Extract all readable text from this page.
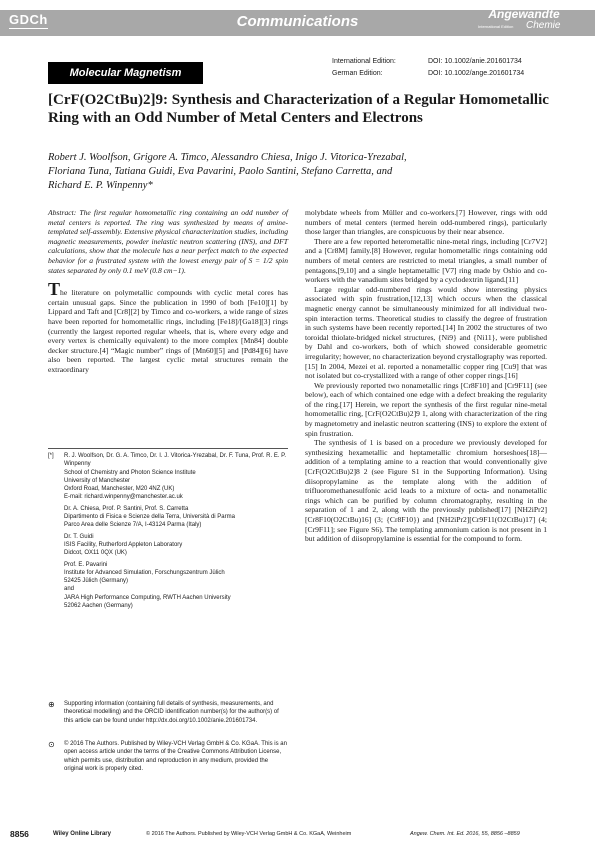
GDCh	Communications	Angewandte
International Edition Chemie
Molecular Magnetism
International Edition:	DOI: 10.1002/anie.201601734
German Edition:	DOI: 10.1002/ange.201601734
[CrF(O2CtBu)2]9: Synthesis and Characterization of a Regular Homometallic Ring with an Odd Number of Metal Centers and Electrons
Robert J. Woolfson, Grigore A. Timco, Alessandro Chiesa, Inigo J. Vitorica-Yrezabal,
Floriana Tuna, Tatiana Guidi, Eva Pavarini, Paolo Santini, Stefano Carretta, and
Richard E. P. Winpenny*

Abstract: The first regular homometallic ring containing an odd number of metal centers is reported. The ring was synthesized by means of amine-templated self-assembly. Extensive physical characterization studies, including magnetic measurements, powder inelastic neutron scattering (INS), and DFT calculations, show that the molecule has a near perfect match to the expected behavior for a frustrated system with the lowest energy pair of S = 1/2 spin states separated by only 0.1 meV (0.8 cm−1).

The literature on polymetallic compounds with cyclic metal cores has certain unusual gaps. Since the publication in 1990 of both [Fe10][1] by Lippard and Taft and [Cr8][2] by Timco and co-workers, a wide range of sizes have been reported for homometallic rings, including [Fe18]/[Ga18][3] rings (currently the largest reported regular wheels, that is, where every edge and every vertex is chemically equivalent) to the more complex [Mn84] double decker structure.[4] “Magic number” rings of [Mn60][5] and [Pd84][6] have also been reported. The largest cyclic metal structures remain the extraordinary

[*]	R. J. Woolfson, Dr. G. A. Timco, Dr. I. J. Vitorica-Yrezabal, Dr. F. Tuna, Prof. R. E. P. Winpenny
School of Chemistry and Photon Science Institute
University of Manchester
Oxford Road, Manchester, M20 4NZ (UK)
E-mail: richard.winpenny@manchester.ac.uk
Dr. A. Chiesa, Prof. P. Santini, Prof. S. Carretta
Dipartimento di Fisica e Scienze della Terra, Università di Parma
Parco Area delle Scienze 7/A, I-43124 Parma (Italy)
Dr. T. Guidi
ISIS Facility, Rutherford Appleton Laboratory
Didcot, OX11 0QX (UK)
Prof. E. Pavarini
Institute for Advanced Simulation, Forschungszentrum Jülich
52425 Jülich (Germany)
and
JARA High Performance Computing, RWTH Aachen University
52062 Aachen (Germany)
⊕ Supporting information (containing full details of synthesis, measurements, and theoretical modelling) and the ORCID identification number(s) for the author(s) of this article can be found under http://dx.doi.org/10.1002/anie.201601734.
⊙ © 2016 The Authors. Published by Wiley-VCH Verlag GmbH & Co. KGaA. This is an open access article under the terms of the Creative Commons Attribution License, which permits use, distribution and reproduction in any medium, provided the original work is properly cited.

molybdate wheels from Müller and co-workers.[7] However, rings with odd numbers of metal centers (termed herein odd-numbered rings), particularly those larger than triangles, are conspicuous by their near absence.

There are a few reported heterometallic nine-metal rings, including [Cr7V2] and a [Cr8M] family.[8] However, regular homometallic rings containing odd numbers of metal centers are restricted to metal triangles, a small number of pentagons,[9,10] and a single heptametallic [V7] ring made by Oshio and co-workers with the vanadium sites bridged by a cyclodextrin ligand.[11]

Large regular odd-numbered rings would show interesting physics associated with spin frustration,[12,13] which occurs when the classical magnetic energy cannot be simultaneously minimized for all individual two-spin interaction terms. Theoretical studies to classify the degree of frustration in such systems have been recently reported.[14] In 2002 the structures of two toroidal thiolate-bridged nickel structures, {Ni9} and {Ni11}, were published by Dahl and co-workers, both of which showed considerable geometric irregularity; however, no characterization beyond crystallography was reported.[15] In 2004, Mezei et al. reported a nonametallic copper ring [Cu9] that was not isolated but co-crystallized with a range of other copper rings.[16]

We previously reported two nonametallic rings [Cr8F10] and [Cr9F11] (see below), each of which contained one edge with a defect breaking the regularity of the ring.[17] Herein, we report the synthesis of the first regular nine-metal homometallic ring, [CrF(O2CtBu)2]9 1, along with characterization of the ring by magnetometry and inelastic neutron scattering (INS) to explore the extent of spin frustration.

The synthesis of 1 is based on a procedure we previously developed for synthesizing hexametallic and heptametallic chromium horseshoes[18]—addition of a templating amine to a reaction that would conventionally give [CrF(O2CtBu)2]8 2 (see Figure S1 in the Supporting Information). Using diisopropylamine as the template along with the addition of trifluoromethanesulfonic acid leads to a mixture of octa- and nonametallic rings which can be purified by column chromatography, resulting in the separation of 1 and 2, along with the previously published[17] [NH2iPr2][Cr8F10(O2CtBu)16] (3; {Cr8F10}) and [NH2iPr2][Cr9F11(O2CtBu)17] (4; [Cr9F11]; see Figure S6). The templating ammonium cation is not present in 1 but addition of diisopropylamine is essential for the compound to form.

8856	Wiley Online Library	© 2016 The Authors. Published by Wiley-VCH Verlag GmbH & Co. KGaA, Weinheim	Angew. Chem. Int. Ed. 2016, 55, 8856 –8859
